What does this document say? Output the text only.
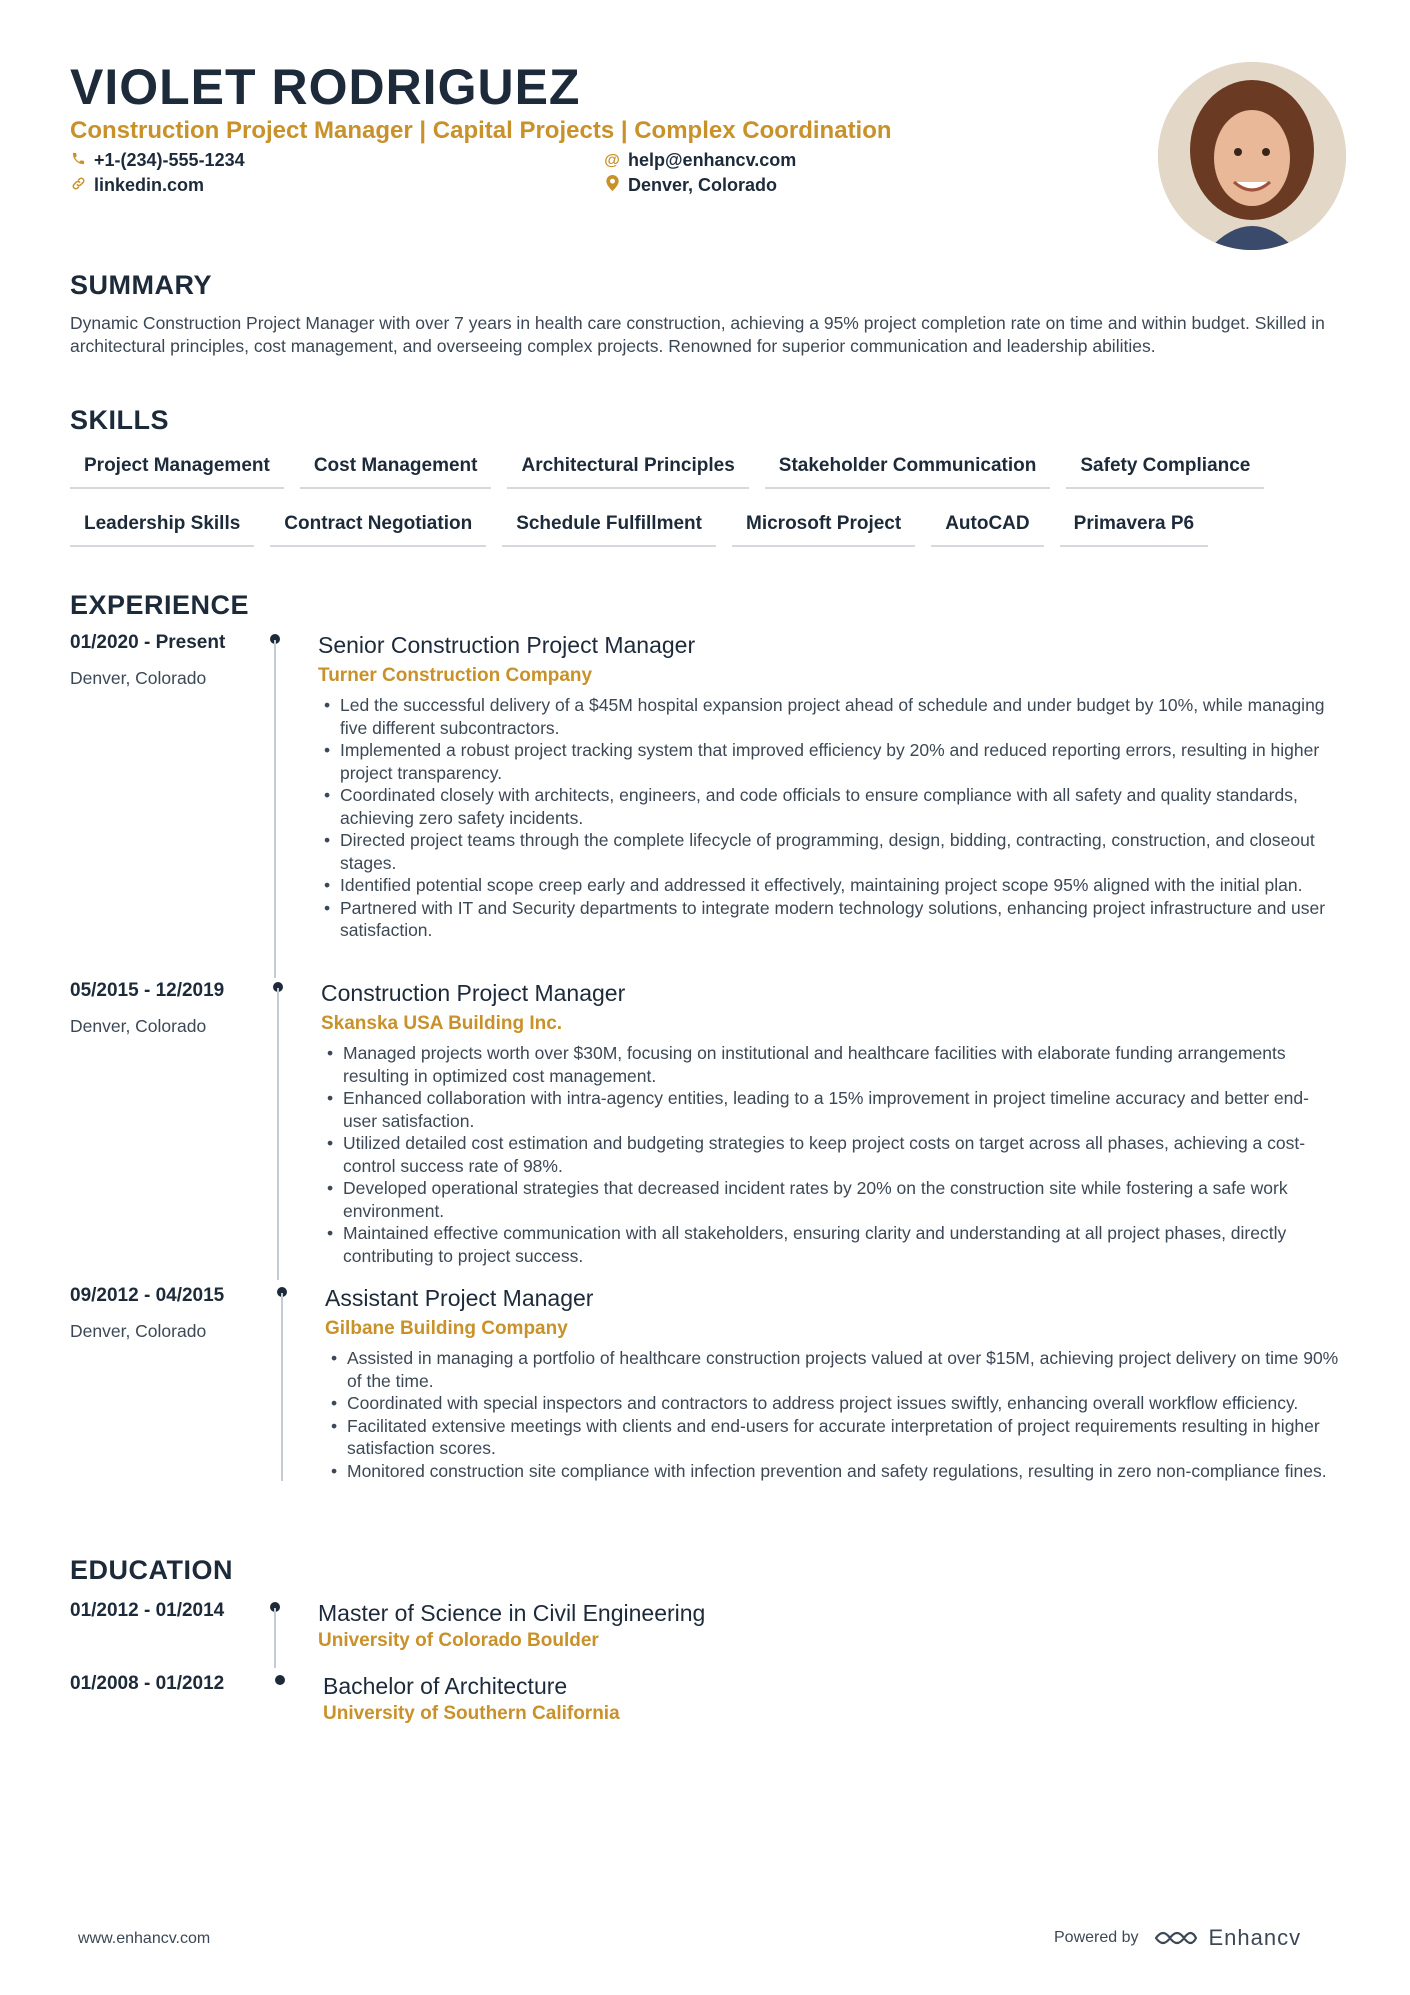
VIOLET RODRIGUEZ
Construction Project Manager | Capital Projects | Complex Coordination
+1-(234)-555-1234	@ help@enhancv.com
linkedin.com	Denver, Colorado
SUMMARY
Dynamic Construction Project Manager with over 7 years in health care construction, achieving a 95% project completion rate on time and within budget. Skilled in architectural principles, cost management, and overseeing complex projects. Renowned for superior communication and leadership abilities.
SKILLS
Project Management	Cost Management	Architectural Principles	Stakeholder Communication	Safety Compliance
Leadership Skills	Contract Negotiation	Schedule Fulfillment	Microsoft Project	AutoCAD	Primavera P6
EXPERIENCE
01/2020 - Present
Denver, Colorado
Senior Construction Project Manager
Turner Construction Company
• Led the successful delivery of a $45M hospital expansion project ahead of schedule and under budget by 10%, while managing five different subcontractors.
• Implemented a robust project tracking system that improved efficiency by 20% and reduced reporting errors, resulting in higher project transparency.
• Coordinated closely with architects, engineers, and code officials to ensure compliance with all safety and quality standards, achieving zero safety incidents.
• Directed project teams through the complete lifecycle of programming, design, bidding, contracting, construction, and closeout stages.
• Identified potential scope creep early and addressed it effectively, maintaining project scope 95% aligned with the initial plan.
• Partnered with IT and Security departments to integrate modern technology solutions, enhancing project infrastructure and user satisfaction.
05/2015 - 12/2019
Denver, Colorado
Construction Project Manager
Skanska USA Building Inc.
• Managed projects worth over $30M, focusing on institutional and healthcare facilities with elaborate funding arrangements resulting in optimized cost management.
• Enhanced collaboration with intra-agency entities, leading to a 15% improvement in project timeline accuracy and better end-user satisfaction.
• Utilized detailed cost estimation and budgeting strategies to keep project costs on target across all phases, achieving a cost-control success rate of 98%.
• Developed operational strategies that decreased incident rates by 20% on the construction site while fostering a safe work environment.
• Maintained effective communication with all stakeholders, ensuring clarity and understanding at all project phases, directly contributing to project success.
09/2012 - 04/2015
Denver, Colorado
Assistant Project Manager
Gilbane Building Company
• Assisted in managing a portfolio of healthcare construction projects valued at over $15M, achieving project delivery on time 90% of the time.
• Coordinated with special inspectors and contractors to address project issues swiftly, enhancing overall workflow efficiency.
• Facilitated extensive meetings with clients and end-users for accurate interpretation of project requirements resulting in higher satisfaction scores.
• Monitored construction site compliance with infection prevention and safety regulations, resulting in zero non-compliance fines.
EDUCATION
01/2012 - 01/2014	Master of Science in Civil Engineering
University of Colorado Boulder
01/2008 - 01/2012	Bachelor of Architecture
University of Southern California
www.enhancv.com	Powered by	Enhancv
